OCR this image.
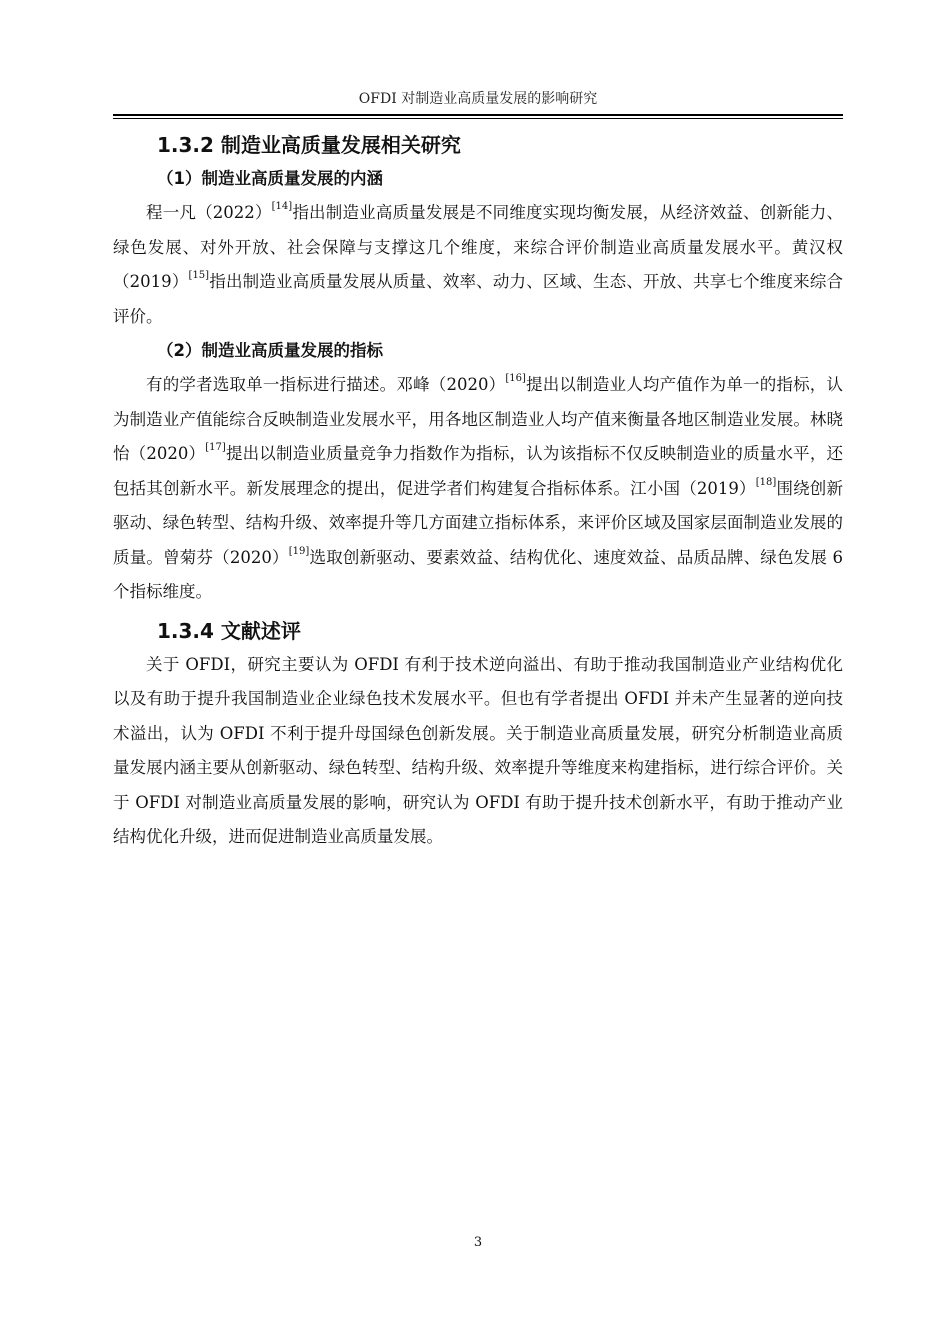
OFDI 对制造业高质量发展的影响研究
1.3.2 制造业高质量发展相关研究
（1）制造业高质量发展的内涵

程一凡（2022）[14]指出制造业高质量发展是不同维度实现均衡发展，从经济效益、创新能力、绿色发展、对外开放、社会保障与支撑这几个维度，来综合评价制造业高质量发展水平。黄汉权（2019）[15]指出制造业高质量发展从质量、效率、动力、区域、生态、开放、共享七个维度来综合评价。

（2）制造业高质量发展的指标

有的学者选取单一指标进行描述。邓峰（2020）[16]提出以制造业人均产值作为单一的指标，认为制造业产值能综合反映制造业发展水平，用各地区制造业人均产值来衡量各地区制造业发展。林晓怡（2020）[17]提出以制造业质量竞争力指数作为指标，认为该指标不仅反映制造业的质量水平，还包括其创新水平。新发展理念的提出，促进学者们构建复合指标体系。江小国（2019）[18]围绕创新驱动、绿色转型、结构升级、效率提升等几方面建立指标体系，来评价区域及国家层面制造业发展的质量。曾菊芬（2020）[19]选取创新驱动、要素效益、结构优化、速度效益、品质品牌、绿色发展 6 个指标维度。

1.3.4 文献述评

关于 OFDI，研究主要认为 OFDI 有利于技术逆向溢出、有助于推动我国制造业产业结构优化以及有助于提升我国制造业企业绿色技术发展水平。但也有学者提出 OFDI 并未产生显著的逆向技术溢出，认为 OFDI 不利于提升母国绿色创新发展。关于制造业高质量发展，研究分析制造业高质量发展内涵主要从创新驱动、绿色转型、结构升级、效率提升等维度来构建指标，进行综合评价。关于 OFDI 对制造业高质量发展的影响，研究认为 OFDI 有助于提升技术创新水平，有助于推动产业结构优化升级，进而促进制造业高质量发展。

3
